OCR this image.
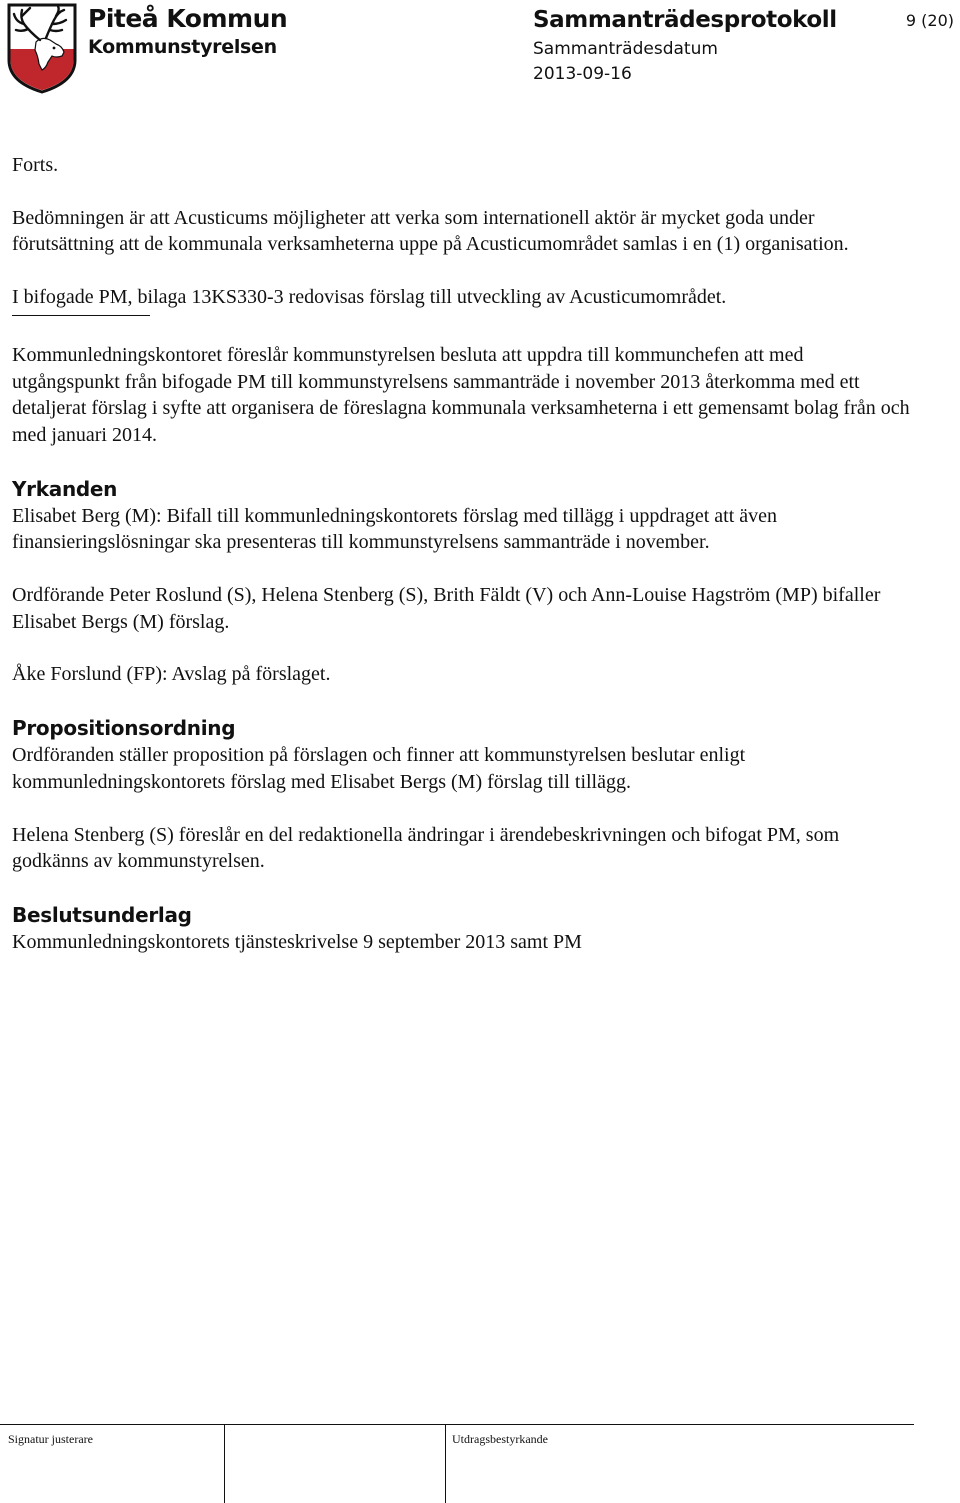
Piteå Kommun
Kommunstyrelsen
Sammanträdesprotokoll
Sammanträdesdatum
2013-09-16
9 (20)

Forts.

Bedömningen är att Acusticums möjligheter att verka som internationell aktör är mycket goda under förutsättning att de kommunala verksamheterna uppe på Acusticumområdet samlas i en (1) organisation.

I bifogade PM, bilaga 13KS330-3 redovisas förslag till utveckling av Acusticumområdet.

Kommunledningskontoret föreslår kommunstyrelsen besluta att uppdra till kommunchefen att med utgångspunkt från bifogade PM till kommunstyrelsens sammanträde i november 2013 återkomma med ett detaljerat förslag i syfte att organisera de föreslagna kommunala verksamheterna i ett gemensamt bolag från och med januari 2014.

Yrkanden

Elisabet Berg (M): Bifall till kommunledningskontorets förslag med tillägg i uppdraget att även finansieringslösningar ska presenteras till kommunstyrelsens sammanträde i november.

Ordförande Peter Roslund (S), Helena Stenberg (S), Brith Fäldt (V) och Ann-Louise Hagström (MP) bifaller Elisabet Bergs (M) förslag.

Åke Forslund (FP): Avslag på förslaget.

Propositionsordning

Ordföranden ställer proposition på förslagen och finner att kommunstyrelsen beslutar enligt kommunledningskontorets förslag med Elisabet Bergs (M) förslag till tillägg.

Helena Stenberg (S) föreslår en del redaktionella ändringar i ärendebeskrivningen och bifogat PM, som godkänns av kommunstyrelsen.

Beslutsunderlag

Kommunledningskontorets tjänsteskrivelse 9 september 2013 samt PM

Signatur justerare	Utdragsbestyrkande
